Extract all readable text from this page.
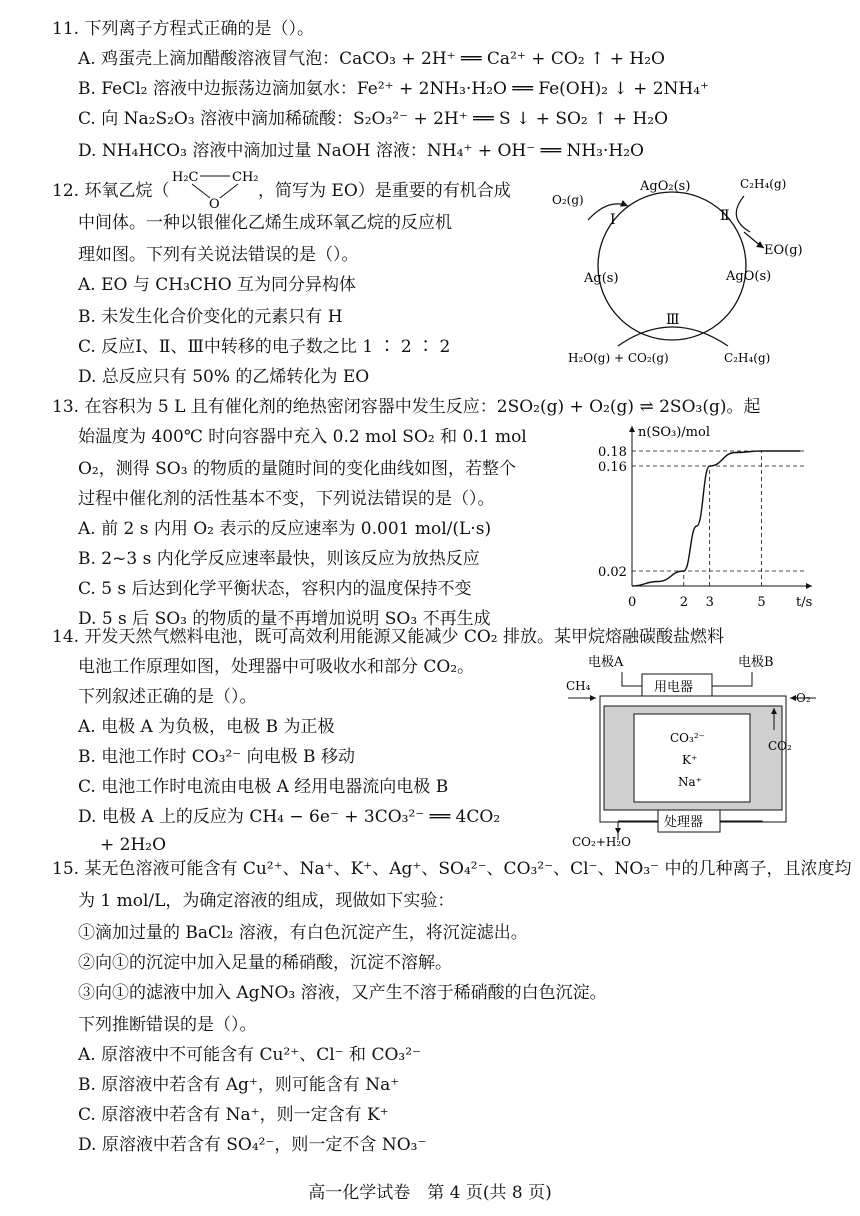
11. 下列离子方程式正确的是（）。
A. 鸡蛋壳上滴加醋酸溶液冒气泡：CaCO₃ + 2H⁺ ══ Ca²⁺ + CO₂ ↑ + H₂O
B. FeCl₂ 溶液中边振荡边滴加氨水：Fe²⁺ + 2NH₃·H₂O ══ Fe(OH)₂ ↓ + 2NH₄⁺
C. 向 Na₂S₂O₃ 溶液中滴加稀硫酸：S₂O₃²⁻ + 2H⁺ ══ S ↓ + SO₂ ↑ + H₂O
D. NH₄HCO₃ 溶液中滴加过量 NaOH 溶液：NH₄⁺ + OH⁻ ══ NH₃·H₂O
12. 环氧乙烷（
H₂C	CH₂
O
，简写为 EO）是重要的有机合成
中间体。一种以银催化乙烯生成环氧乙烷的反应机
理如图。下列有关说法错误的是（）。
A. EO 与 CH₃CHO 互为同分异构体
B. 未发生化合价变化的元素只有 H
C. 反应Ⅰ、Ⅱ、Ⅲ中转移的电子数之比 1 ∶ 2 ∶ 2
D. 总反应只有 50% 的乙烯转化为 EO
O₂(g)
AgO₂(s)	C₂H₄(g)
EO(g)
AgO(s)
Ag(s)
Ⅰ	Ⅱ
Ⅲ
H₂O(g) + CO₂(g)	C₂H₄(g)
13. 在容积为 5 L 且有催化剂的绝热密闭容器中发生反应：2SO₂(g) + O₂(g) ⇌ 2SO₃(g)。起
始温度为 400℃ 时向容器中充入 0.2 mol SO₂ 和 0.1 mol
O₂，测得 SO₃ 的物质的量随时间的变化曲线如图，若整个
过程中催化剂的活性基本不变，下列说法错误的是（）。
A. 前 2 s 内用 O₂ 表示的反应速率为 0.001 mol/(L·s)
B. 2~3 s 内化学反应速率最快，则该反应为放热反应
C. 5 s 后达到化学平衡状态，容积内的温度保持不变
D. 5 s 后 SO₃ 的物质的量不再增加说明 SO₃ 不再生成
n(SO₃)/mol
t/s
0.02
0.16
0.18
0	2 3	5
14. 开发天然气燃料电池，既可高效利用能源又能减少 CO₂ 排放。某甲烷熔融碳酸盐燃料
电池工作原理如图，处理器中可吸收水和部分 CO₂。
下列叙述正确的是（）。
A. 电极 A 为负极，电极 B 为正极
B. 电池工作时 CO₃²⁻ 向电极 B 移动
C. 电池工作时电流由电极 A 经用电器流向电极 B
D. 电极 A 上的反应为 CH₄ − 6e⁻ + 3CO₃²⁻ ══ 4CO₂
+ 2H₂O
电极A	电极B
用电器
CH₄
CO₃²⁻
K⁺
Na⁺
O₂
CO₂
处理器
CO₂+H₂O
15. 某无色溶液可能含有 Cu²⁺、Na⁺、K⁺、Ag⁺、SO₄²⁻、CO₃²⁻、Cl⁻、NO₃⁻ 中的几种离子，且浓度均
为 1 mol/L，为确定溶液的组成，现做如下实验：
①滴加过量的 BaCl₂ 溶液，有白色沉淀产生，将沉淀滤出。
②向①的沉淀中加入足量的稀硝酸，沉淀不溶解。
③向①的滤液中加入 AgNO₃ 溶液，又产生不溶于稀硝酸的白色沉淀。
下列推断错误的是（）。
A. 原溶液中不可能含有 Cu²⁺、Cl⁻ 和 CO₃²⁻
B. 原溶液中若含有 Ag⁺，则可能含有 Na⁺
C. 原溶液中若含有 Na⁺，则一定含有 K⁺
D. 原溶液中若含有 SO₄²⁻，则一定不含 NO₃⁻
高一化学试卷　第 4 页(共 8 页)
